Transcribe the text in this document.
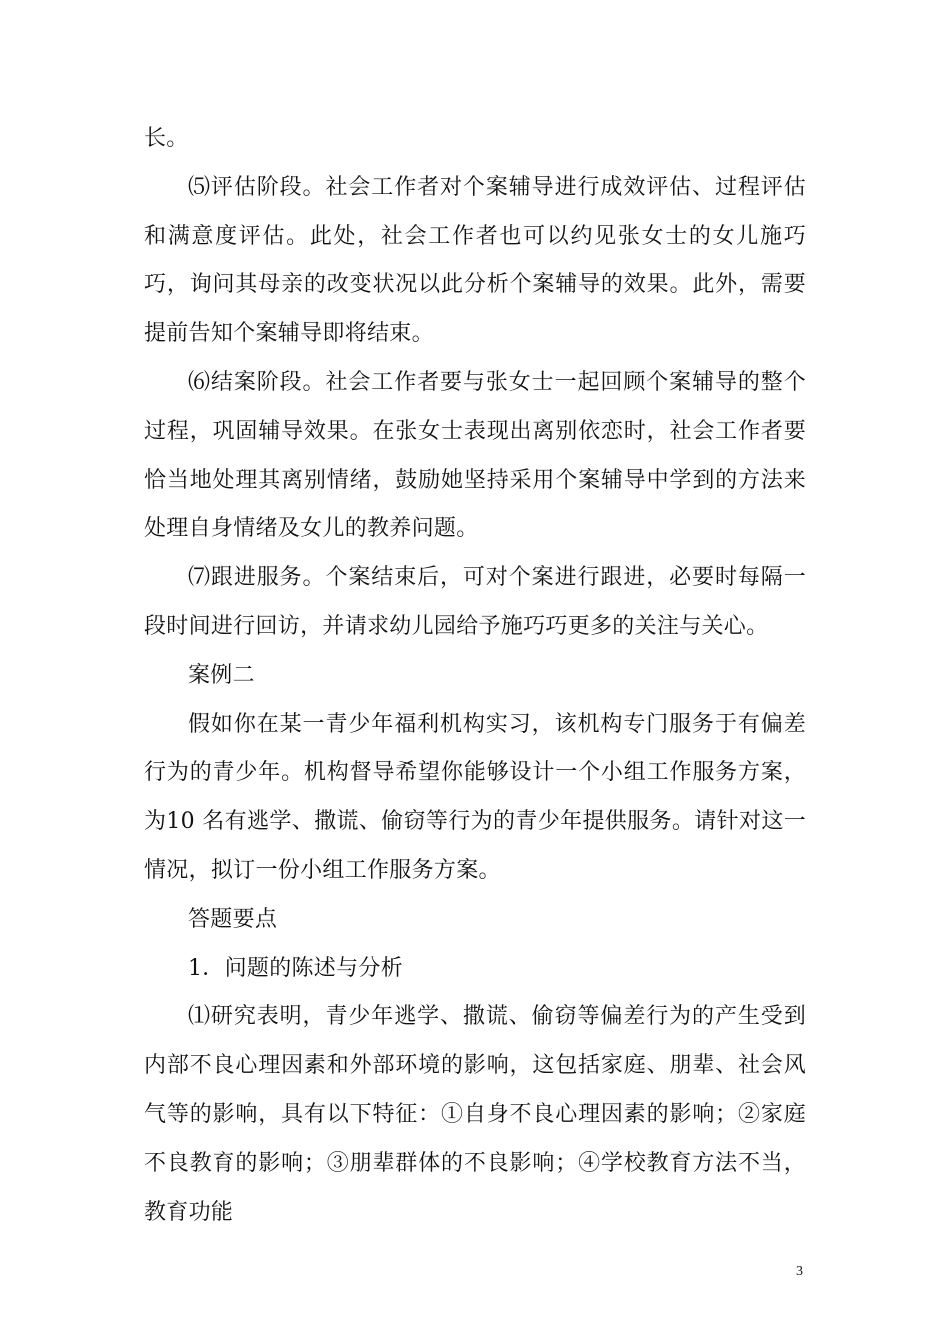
长。

⑸评估阶段。社会工作者对个案辅导进行成效评估、过程评估和满意度评估。此处，社会工作者也可以约见张女士的女儿施巧巧，询问其母亲的改变状况以此分析个案辅导的效果。此外，需要提前告知个案辅导即将结束。

⑹结案阶段。社会工作者要与张女士一起回顾个案辅导的整个过程，巩固辅导效果。在张女士表现出离别依恋时，社会工作者要恰当地处理其离别情绪，鼓励她坚持采用个案辅导中学到的方法来处理自身情绪及女儿的教养问题。

⑺跟进服务。个案结束后，可对个案进行跟进，必要时每隔一段时间进行回访，并请求幼儿园给予施巧巧更多的关注与关心。

案例二

假如你在某一青少年福利机构实习，该机构专门服务于有偏差行为的青少年。机构督导希望你能够设计一个小组工作服务方案，为10 名有逃学、撒谎、偷窃等行为的青少年提供服务。请针对这一情况，拟订一份小组工作服务方案。

答题要点

1．问题的陈述与分析

⑴研究表明，青少年逃学、撒谎、偷窃等偏差行为的产生受到内部不良心理因素和外部环境的影响，这包括家庭、朋辈、社会风气等的影响，具有以下特征：①自身不良心理因素的影响；②家庭不良教育的影响；③朋辈群体的不良影响；④学校教育方法不当，教育功能

3
